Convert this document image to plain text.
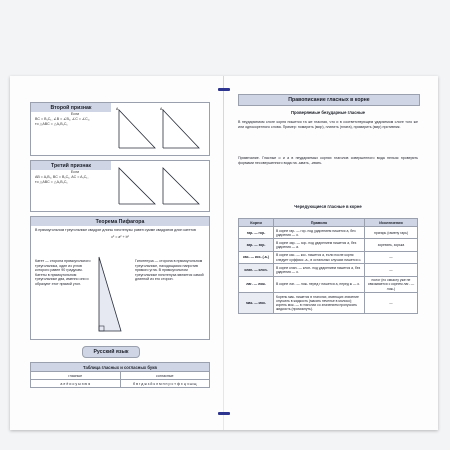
Второй признак
Если
BC = B₁C₁, ∠B = ∠B₁, ∠C = ∠C₁,
то △ABC = △A₁B₁C₁
A	A₁
Третий признак
Если
AB = A₁B₁, BC = B₁C₁, AC = A₁C₁,
то △ABC = △A₁B₁C₁
Теорема Пифагора
В прямоугольном треугольнике квадрат длины гипотенузы равен сумме квадратов длин катетов
c² = a² + b²
Катет — сторона прямоугольного треугольника, один из углов которого равен 90 градусам. Катеты в прямоугольном треугольнике два, именно они и образуют этот прямой угол.
Гипотенуза — сторона в прямоугольном треугольнике, находящаяся напротив прямого угла. В прямоугольном треугольнике гипотенуза является самой длинной из его сторон.
Русский язык
Таблица гласных и согласных букв
гласные	согласные
а е ё и о у ы э ю я	б в г д ж з й к л м н п р с т ф х ц ч ш щ
Правописание гласных в корне
Проверяемые безударные гласные
В неударяемом слоге корня пишется та же гласная, что и в соответствующем ударяемом слоге того же или однокоренного слова. Пример: помирить (мир), платить (плата), примирить (мир) противник.
Примечание. Гласные о и а в неударяемых корнях глаголов совершенного вида нельзя проверять формами несовершенного вида на -ывать, -ивать.
Чередующиеся гласные в корне
Корни	Правило	Исключения
гар- — гор-	В корне гар- — гор- под ударением пишется а, без ударения — о.	пригарь (гамену гарь)
зар- — зор-	В корне зар- — зор- под ударением пишется а, без ударения — а.	зоревать, зорька
кас- — кос- (-а-)	В корне кас- — кос- пишется а, если после корня следует суффикс -а-, в остальных случаях пишется о.	—
клан- — клон-	В корне клан- — клон- под ударением пишется а, без ударения — о.	—
лаг- — лож-	В корне лаг- — лож- перед г пишется а, перед ж — о.	полог (по смыслу уже не связывается с корнем лаг- — лож-)
мак- — мок-	Корень мак- пишется в глаголах, имеющих значение опускать в жидкость (макать печенье в молоко); корень мок- — в глаголах со значением пропускать жидкость (промокнуть).	—
